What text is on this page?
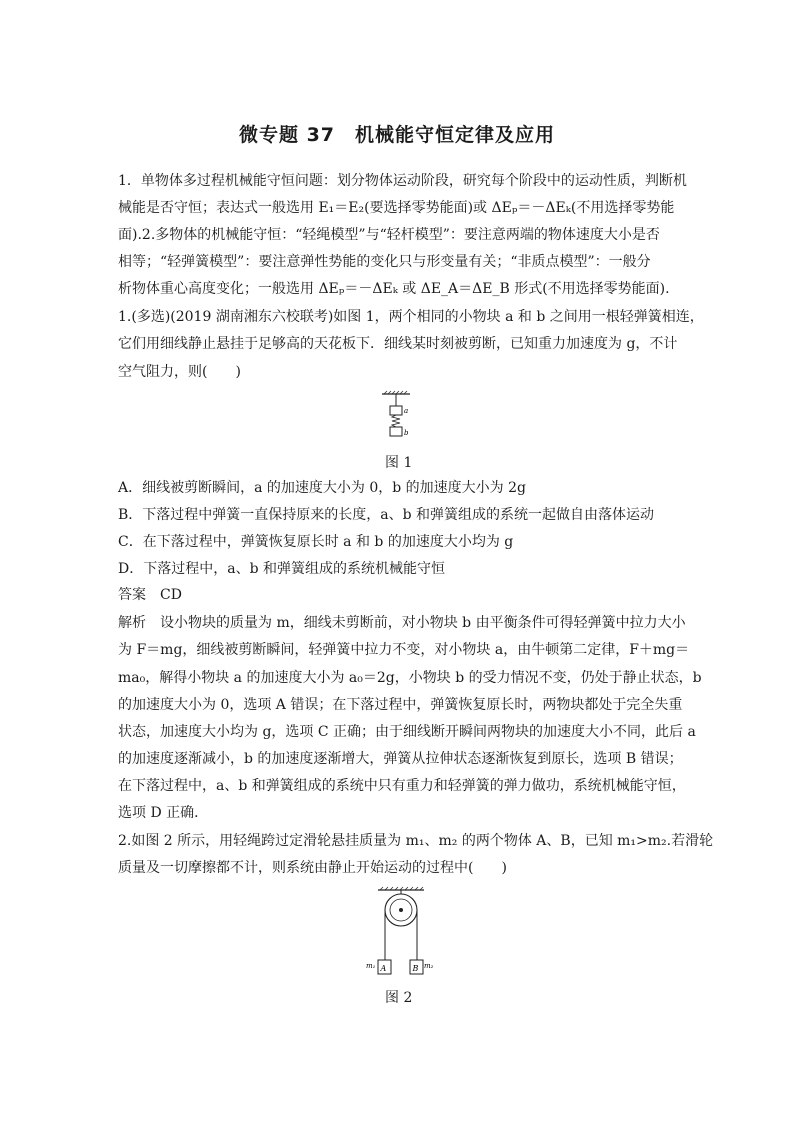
微专题 37　机械能守恒定律及应用
1．单物体多过程机械能守恒问题：划分物体运动阶段，研究每个阶段中的运动性质，判断机
械能是否守恒；表达式一般选用 E₁＝E₂(要选择零势能面)或 ΔEₚ＝－ΔEₖ(不用选择零势能
面).2.多物体的机械能守恒：“轻绳模型”与“轻杆模型”：要注意两端的物体速度大小是否
相等；“轻弹簧模型”：要注意弹性势能的变化只与形变量有关；“非质点模型”：一般分
析物体重心高度变化；一般选用 ΔEₚ＝－ΔEₖ 或 ΔE_A＝ΔE_B 形式(不用选择零势能面).
1.(多选)(2019 湖南湘东六校联考)如图 1，两个相同的小物块 a 和 b 之间用一根轻弹簧相连，
它们用细线静止悬挂于足够高的天花板下．细线某时刻被剪断，已知重力加速度为 g，不计
空气阻力，则(　　)
a
b
图 1
A．细线被剪断瞬间，a 的加速度大小为 0，b 的加速度大小为 2g
B．下落过程中弹簧一直保持原来的长度，a、b 和弹簧组成的系统一起做自由落体运动
C．在下落过程中，弹簧恢复原长时 a 和 b 的加速度大小均为 g
D．下落过程中，a、b 和弹簧组成的系统机械能守恒
答案　CD
解析　设小物块的质量为 m，细线未剪断前，对小物块 b 由平衡条件可得轻弹簧中拉力大小
为 F＝mg，细线被剪断瞬间，轻弹簧中拉力不变，对小物块 a，由牛顿第二定律，F＋mg＝
ma₀，解得小物块 a 的加速度大小为 a₀＝2g，小物块 b 的受力情况不变，仍处于静止状态，b
的加速度大小为 0，选项 A 错误；在下落过程中，弹簧恢复原长时，两物块都处于完全失重
状态，加速度大小均为 g，选项 C 正确；由于细线断开瞬间两物块的加速度大小不同，此后 a
的加速度逐渐减小，b 的加速度逐渐增大，弹簧从拉伸状态逐渐恢复到原长，选项 B 错误；
在下落过程中，a、b 和弹簧组成的系统中只有重力和轻弹簧的弹力做功，系统机械能守恒，
选项 D 正确．
2.如图 2 所示，用轻绳跨过定滑轮悬挂质量为 m₁、m₂ 的两个物体 A、B，已知 m₁>m₂.若滑轮
质量及一切摩擦都不计，则系统由静止开始运动的过程中(　　)
A	B
m₁	m₂
图 2
